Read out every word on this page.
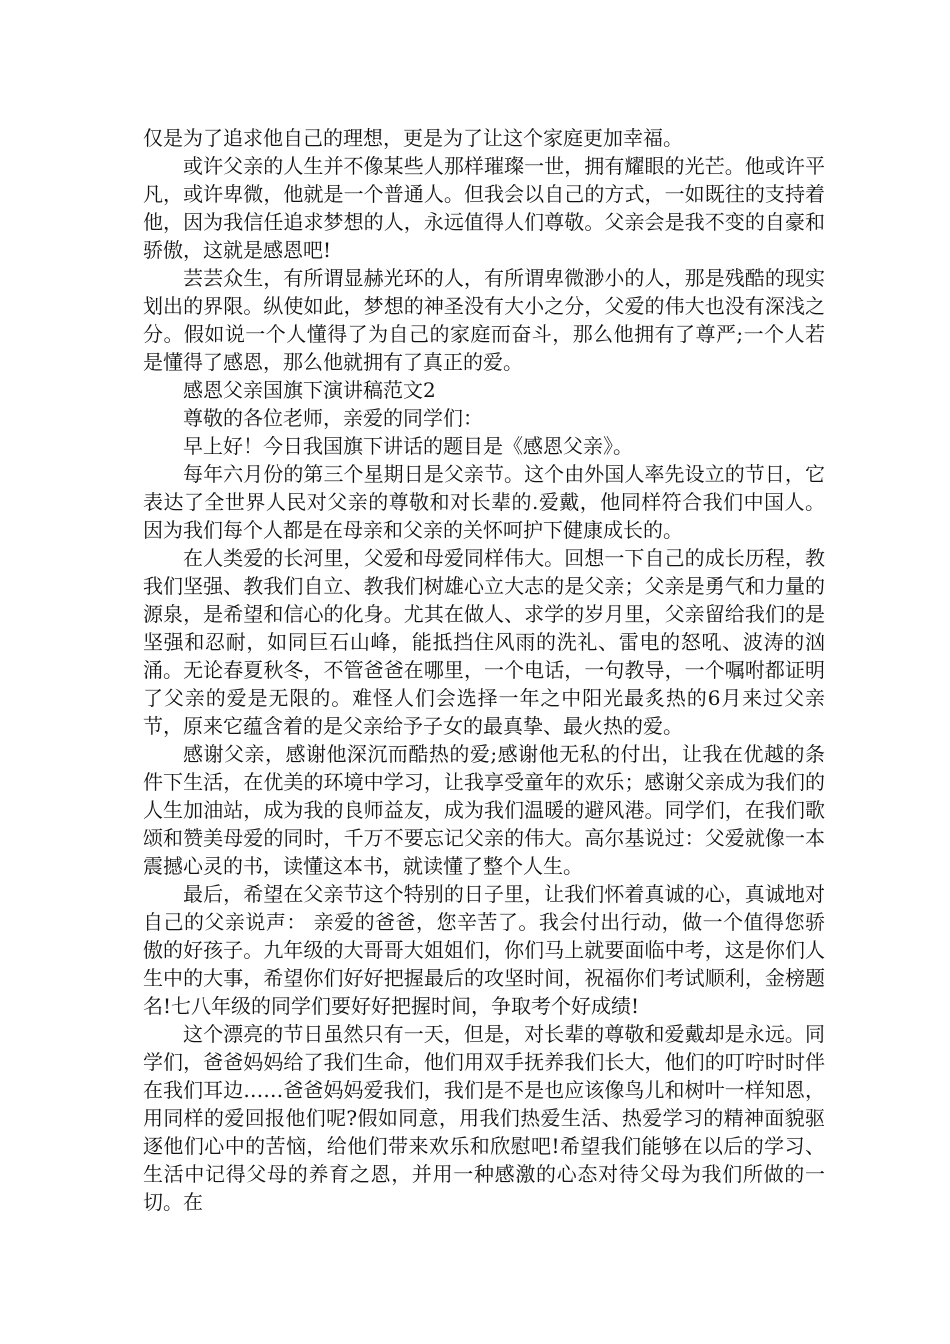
仅是为了追求他自己的理想，更是为了让这个家庭更加幸福。

或许父亲的人生并不像某些人那样璀璨一世，拥有耀眼的光芒。他或许平凡，或许卑微，他就是一个普通人。但我会以自己的方式，一如既往的支持着他，因为我信任追求梦想的人，永远值得人们尊敬。父亲会是我不变的自豪和骄傲，这就是感恩吧!

芸芸众生，有所谓显赫光环的人，有所谓卑微渺小的人，那是残酷的现实划出的界限。纵使如此，梦想的神圣没有大小之分，父爱的伟大也没有深浅之分。假如说一个人懂得了为自己的家庭而奋斗，那么他拥有了尊严;一个人若是懂得了感恩，那么他就拥有了真正的爱。

感恩父亲国旗下演讲稿范文2

尊敬的各位老师，亲爱的同学们：

早上好！今日我国旗下讲话的题目是《感恩父亲》。

每年六月份的第三个星期日是父亲节。这个由外国人率先设立的节日，它表达了全世界人民对父亲的尊敬和对长辈的.爱戴，他同样符合我们中国人。因为我们每个人都是在母亲和父亲的关怀呵护下健康成长的。

在人类爱的长河里，父爱和母爱同样伟大。回想一下自己的成长历程，教我们坚强、教我们自立、教我们树雄心立大志的是父亲；父亲是勇气和力量的源泉，是希望和信心的化身。尤其在做人、求学的岁月里，父亲留给我们的是坚强和忍耐，如同巨石山峰，能抵挡住风雨的洗礼、雷电的怒吼、波涛的汹涌。无论春夏秋冬，不管爸爸在哪里，一个电话，一句教导，一个嘱咐都证明了父亲的爱是无限的。难怪人们会选择一年之中阳光最炙热的6月来过父亲节，原来它蕴含着的是父亲给予子女的最真挚、最火热的爱。

感谢父亲，感谢他深沉而酷热的爱;感谢他无私的付出，让我在优越的条件下生活，在优美的环境中学习，让我享受童年的欢乐；感谢父亲成为我们的人生加油站，成为我的良师益友，成为我们温暖的避风港。同学们，在我们歌颂和赞美母爱的同时，千万不要忘记父亲的伟大。高尔基说过：父爱就像一本震撼心灵的书，读懂这本书，就读懂了整个人生。

最后，希望在父亲节这个特别的日子里，让我们怀着真诚的心，真诚地对自己的父亲说声： 亲爱的爸爸，您辛苦了。我会付出行动，做一个值得您骄傲的好孩子。九年级的大哥哥大姐姐们，你们马上就要面临中考，这是你们人生中的大事，希望你们好好把握最后的攻坚时间，祝福你们考试顺利，金榜题名!七八年级的同学们要好好把握时间，争取考个好成绩!

这个漂亮的节日虽然只有一天，但是，对长辈的尊敬和爱戴却是永远。同学们，爸爸妈妈给了我们生命，他们用双手抚养我们长大，他们的叮咛时时伴在我们耳边……爸爸妈妈爱我们，我们是不是也应该像鸟儿和树叶一样知恩，用同样的爱回报他们呢?假如同意，用我们热爱生活、热爱学习的精神面貌驱逐他们心中的苦恼，给他们带来欢乐和欣慰吧!希望我们能够在以后的学习、生活中记得父母的养育之恩，并用一种感激的心态对待父母为我们所做的一切。在
